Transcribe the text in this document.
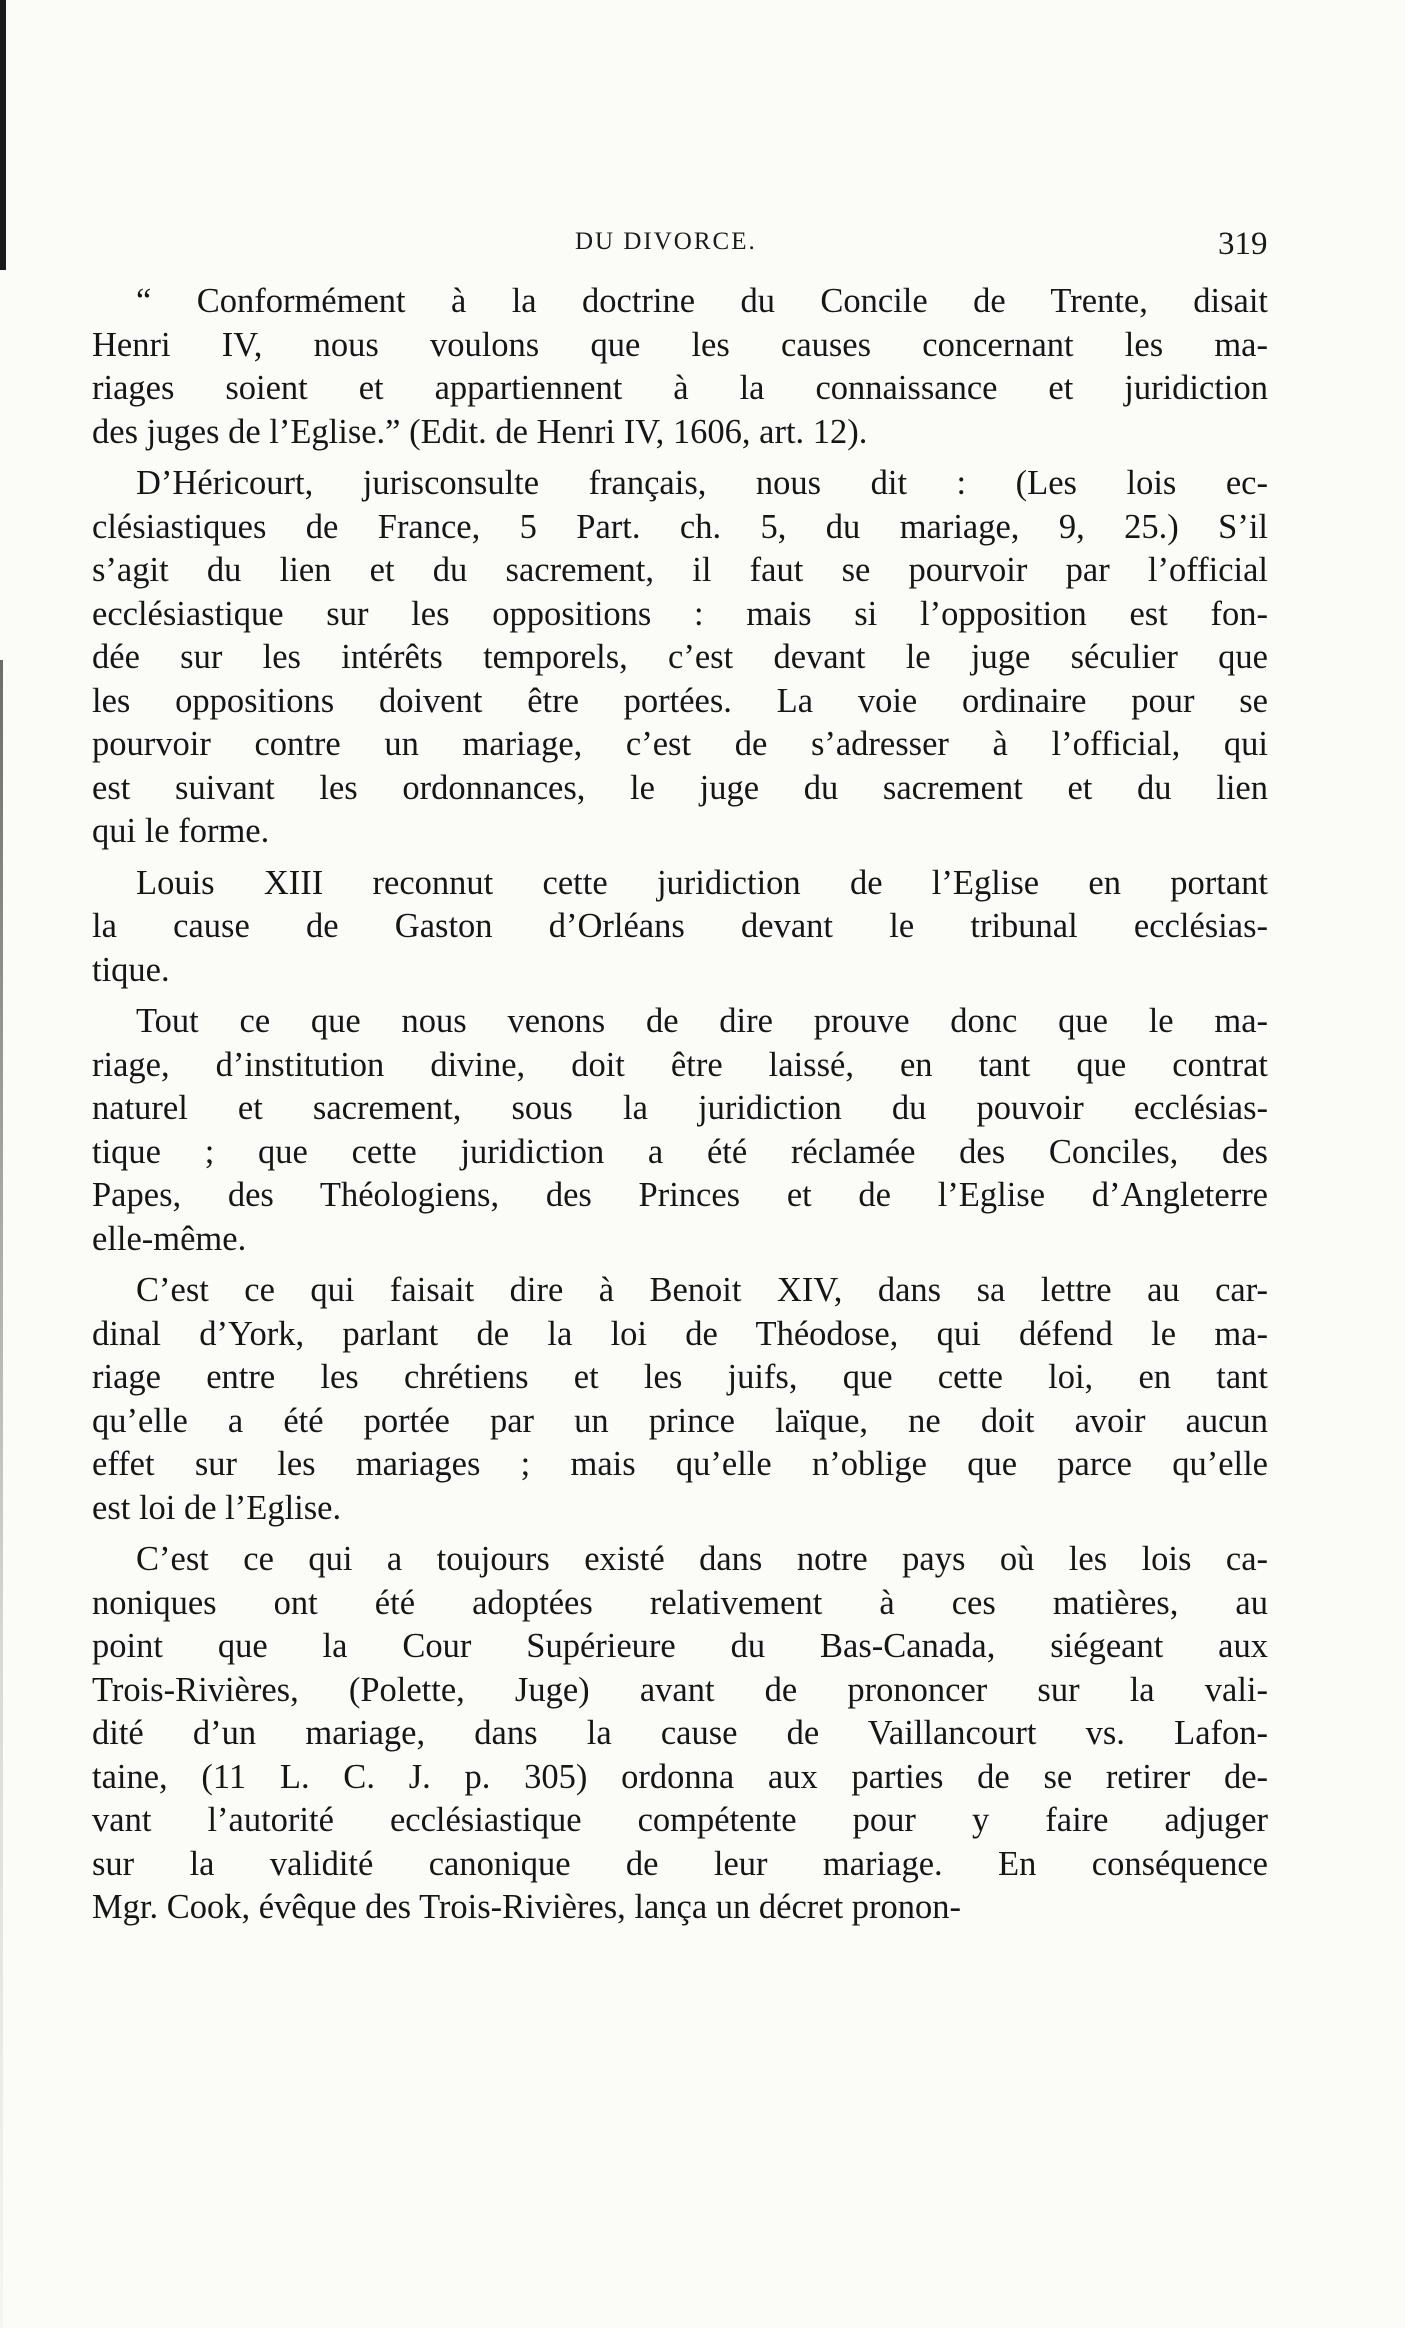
DU DIVORCE.	319
“ Conformément à la doctrine du Concile de Trente, disait
Henri IV, nous voulons que les causes concernant les ma-
riages soient et appartiennent à la connaissance et juridiction
des juges de l’Eglise.” (Edit. de Henri IV, 1606, art. 12).
D’Héricourt, jurisconsulte français, nous dit : (Les lois ec-
clésiastiques de France, 5 Part. ch. 5, du mariage, 9, 25.) S’il
s’agit du lien et du sacrement, il faut se pourvoir par l’official
ecclésiastique sur les oppositions : mais si l’opposition est fon-
dée sur les intérêts temporels, c’est devant le juge séculier que
les oppositions doivent être portées. La voie ordinaire pour se
pourvoir contre un mariage, c’est de s’adresser à l’official, qui
est suivant les ordonnances, le juge du sacrement et du lien
qui le forme.
Louis XIII reconnut cette juridiction de l’Eglise en portant
la cause de Gaston d’Orléans devant le tribunal ecclésias-
tique.
Tout ce que nous venons de dire prouve donc que le ma-
riage, d’institution divine, doit être laissé, en tant que contrat
naturel et sacrement, sous la juridiction du pouvoir ecclésias-
tique ; que cette juridiction a été réclamée des Conciles, des
Papes, des Théologiens, des Princes et de l’Eglise d’Angleterre
elle-même.
C’est ce qui faisait dire à Benoit XIV, dans sa lettre au car-
dinal d’York, parlant de la loi de Théodose, qui défend le ma-
riage entre les chrétiens et les juifs, que cette loi, en tant
qu’elle a été portée par un prince laïque, ne doit avoir aucun
effet sur les mariages ; mais qu’elle n’oblige que parce qu’elle
est loi de l’Eglise.
C’est ce qui a toujours existé dans notre pays où les lois ca-
noniques ont été adoptées relativement à ces matières, au
point que la Cour Supérieure du Bas-Canada, siégeant aux
Trois-Rivières, (Polette, Juge) avant de prononcer sur la vali-
dité d’un mariage, dans la cause de Vaillancourt vs. Lafon-
taine, (11 L. C. J. p. 305) ordonna aux parties de se retirer de-
vant l’autorité ecclésiastique compétente pour y faire adjuger
sur la validité canonique de leur mariage. En conséquence
Mgr. Cook, évêque des Trois-Rivières, lança un décret pronon-
